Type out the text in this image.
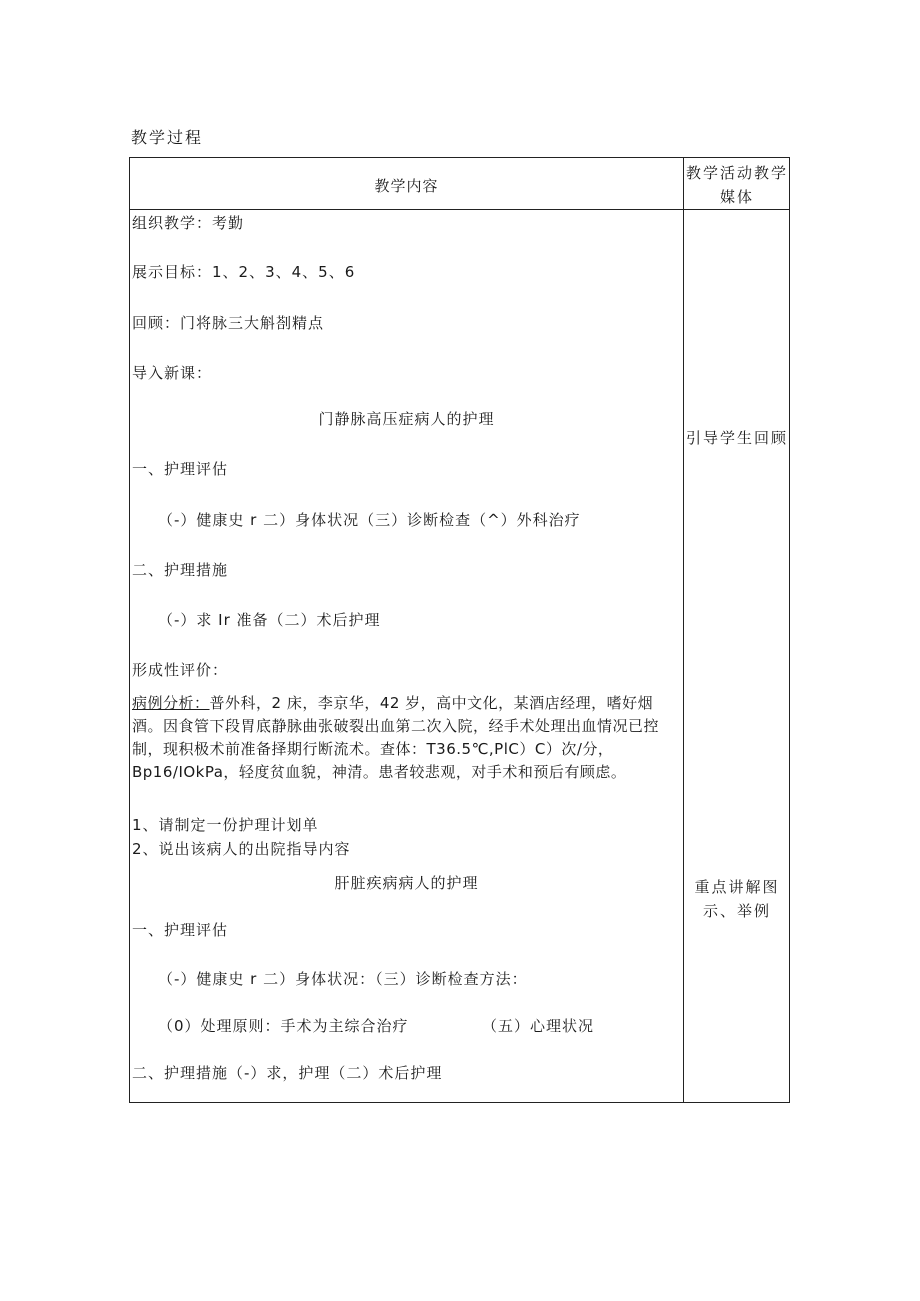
教学过程
教学内容
教学活动教学媒体
组织教学：考勤
展示目标：1、2、3、4、5、6
回顾：门将脉三大斛剳精点
导入新课：
门静脉高压症病人的护理
一、护理评估
（-）健康史 r 二）身体状况（三）诊断检查（^）外科治疗
二、护理措施
（-）求 Ir 准备（二）术后护理
形成性评价：
病例分析：普外科，2 床，李京华，42 岁，高中文化，某酒店经理，嗜好烟酒。因食管下段胃底静脉曲张破裂出血第二次入院，经手术处理出血情况已控制，现积极术前准备择期行断流术。查体：T36.5℃,PlC）C）次/分，Bp16/IOkPa，轻度贫血貌，神清。患者较悲观，对手术和预后有顾虑。
1、请制定一份护理计划单
2、说出该病人的出院指导内容
肝脏疾病病人的护理
一、护理评估
（-）健康史 r 二）身体状况：（三）诊断检查方法：
（0）处理原则：手术为主综合治疗	（五）心理状况
二、护理措施（-）求，护理（二）术后护理
引导学生回顾
重点讲解图示、举例
